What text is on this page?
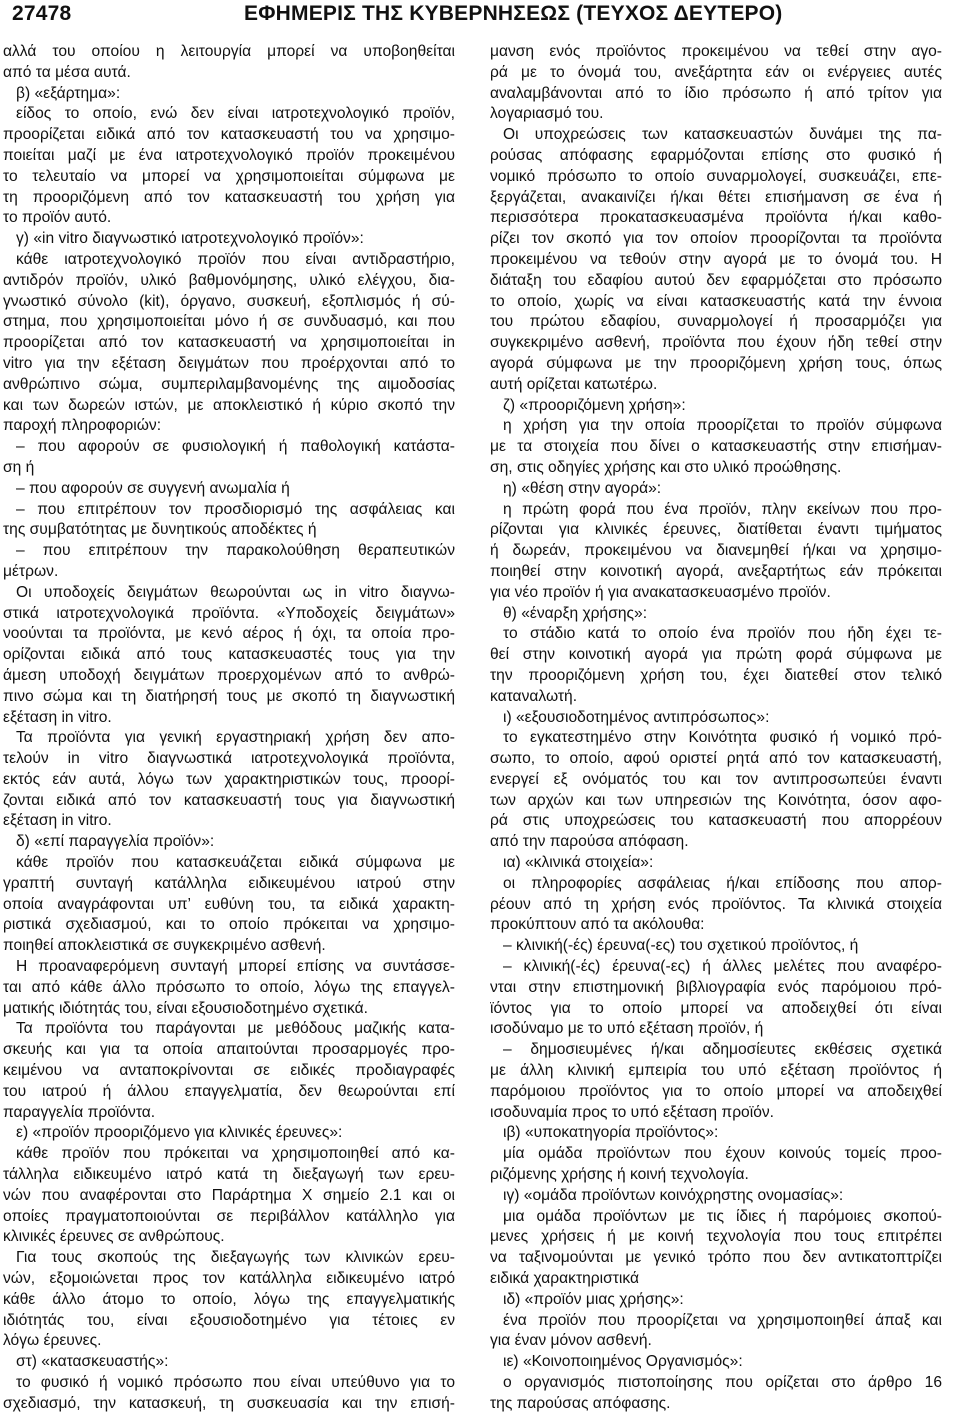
27478	ΕΦΗΜΕΡΙΣ ΤΗΣ ΚΥΒΕΡΝΗΣΕΩΣ (ΤΕΥΧΟΣ ΔΕΥΤΕΡΟ)
αλλά του οποίου η λειτουργία μπορεί να υποβοηθείται
από τα μέσα αυτά.
β) «εξάρτημα»:
είδος το οποίο, ενώ δεν είναι ιατροτεχνολογικό προϊόν,
προορίζεται ειδικά από τον κατασκευαστή του να χρησιμο-
ποιείται μαζί με ένα ιατροτεχνολογικό προϊόν προκειμένου
το τελευταίο να μπορεί να χρησιμοποιείται σύμφωνα με
τη προοριζόμενη από τον κατασκευαστή του χρήση για
το προϊόν αυτό.
γ) «in vitro διαγνωστικό ιατροτεχνολογικό προϊόν»:
κάθε ιατροτεχνολογικό προϊόν που είναι αντιδραστήριο,
αντιδρόν προϊόν, υλικό βαθμονόμησης, υλικό ελέγχου, δια-
γνωστικό σύνολο (kit), όργανο, συσκευή, εξοπλισμός ή σύ-
στημα, που χρησιμοποιείται μόνο ή σε συνδυασμό, και που
προορίζεται από τον κατασκευαστή να χρησιμοποιείται in
vitro για την εξέταση δειγμάτων που προέρχονται από το
ανθρώπινο σώμα, συμπεριλαμβανομένης της αιμοδοσίας
και των δωρεών ιστών, με αποκλειστικό ή κύριο σκοπό την
παροχή πληροφοριών:
– που αφορούν σε φυσιολογική ή παθολογική κατάστα-
ση ή
– που αφορούν σε συγγενή ανωμαλία ή
– που επιτρέπουν τον προσδιορισμό της ασφάλειας και
της συμβατότητας με δυνητικούς αποδέκτες ή
– που επιτρέπουν την παρακολούθηση θεραπευτικών
μέτρων.
Οι υποδοχείς δειγμάτων θεωρούνται ως in vitro διαγνω-
στικά ιατροτεχνολογικά προϊόντα. «Υποδοχείς δειγμάτων»
νοούνται τα προϊόντα, με κενό αέρος ή όχι, τα οποία προ-
ορίζονται ειδικά από τους κατασκευαστές τους για την
άμεση υποδοχή δειγμάτων προερχομένων από το ανθρώ-
πινο σώμα και τη διατήρησή τους με σκοπό τη διαγνωστική
εξέταση in vitro.
Τα προϊόντα για γενική εργαστηριακή χρήση δεν απο-
τελούν in vitro διαγνωστικά ιατροτεχνολογικά προϊόντα,
εκτός εάν αυτά, λόγω των χαρακτηριστικών τους, προορί-
ζονται ειδικά από τον κατασκευαστή τους για διαγνωστική
εξέταση in vitro.
δ) «επί παραγγελία προϊόν»:
κάθε προϊόν που κατασκευάζεται ειδικά σύμφωνα με
γραπτή συνταγή κατάλληλα ειδικευμένου ιατρού στην
οποία αναγράφονται υπ’ ευθύνη του, τα ειδικά χαρακτη-
ριστικά σχεδιασμού, και το οποίο πρόκειται να χρησιμο-
ποιηθεί αποκλειστικά σε συγκεκριμένο ασθενή.
Η προαναφερόμενη συνταγή μπορεί επίσης να συντάσσε-
ται από κάθε άλλο πρόσωπο το οποίο, λόγω της επαγγελ-
ματικής ιδιότητάς του, είναι εξουσιοδοτημένο σχετικά.
Τα προϊόντα του παράγονται με μεθόδους μαζικής κατα-
σκευής και για τα οποία απαιτούνται προσαρμογές προ-
κειμένου να ανταποκρίνονται σε ειδικές προδιαγραφές
του ιατρού ή άλλου επαγγελματία, δεν θεωρούνται επί
παραγγελία προϊόντα.
ε) «προϊόν προοριζόμενο για κλινικές έρευνες»:
κάθε προϊόν που πρόκειται να χρησιμοποιηθεί από κα-
τάλληλα ειδικευμένο ιατρό κατά τη διεξαγωγή των ερευ-
νών που αναφέρονται στο Παράρτημα Χ σημείο 2.1 και οι
οποίες πραγματοποιούνται σε περιβάλλον κατάλληλο για
κλινικές έρευνες σε ανθρώπους.
Για τους σκοπούς της διεξαγωγής των κλινικών ερευ-
νών, εξομοιώνεται προς τον κατάλληλα ειδικευμένο ιατρό
κάθε άλλο άτομο το οποίο, λόγω της επαγγελματικής
ιδιότητάς του, είναι εξουσιοδοτημένο για τέτοιες εν
λόγω έρευνες.
στ) «κατασκευαστής»:
το φυσικό ή νομικό πρόσωπο που είναι υπεύθυνο για το
σχεδιασμό, την κατασκευή, τη συσκευασία και την επισή-
μανση ενός προϊόντος προκειμένου να τεθεί στην αγο-
ρά με το όνομά του, ανεξάρτητα εάν οι ενέργειες αυτές
αναλαμβάνονται από το ίδιο πρόσωπο ή από τρίτον για
λογαριασμό του.
Οι υποχρεώσεις των κατασκευαστών δυνάμει της πα-
ρούσας απόφασης εφαρμόζονται επίσης στο φυσικό ή
νομικό πρόσωπο το οποίο συναρμολογεί, συσκευάζει, επε-
ξεργάζεται, ανακαινίζει ή/και θέτει επισήμανση σε ένα ή
περισσότερα προκατασκευασμένα προϊόντα ή/και καθο-
ρίζει τον σκοπό για τον οποίον προορίζονται τα προϊόντα
προκειμένου να τεθούν στην αγορά με το όνομά του. Η
διάταξη του εδαφίου αυτού δεν εφαρμόζεται στο πρόσωπο
το οποίο, χωρίς να είναι κατασκευαστής κατά την έννοια
του πρώτου εδαφίου, συναρμολογεί ή προσαρμόζει για
συγκεκριμένο ασθενή, προϊόντα που έχουν ήδη τεθεί στην
αγορά σύμφωνα με την προοριζόμενη χρήση τους, όπως
αυτή ορίζεται κατωτέρω.
ζ) «προοριζόμενη χρήση»:
η χρήση για την οποία προορίζεται το προϊόν σύμφωνα
με τα στοιχεία που δίνει ο κατασκευαστής στην επισήμαν-
ση, στις οδηγίες χρήσης και στο υλικό προώθησης.
η) «θέση στην αγορά»:
η πρώτη φορά που ένα προϊόν, πλην εκείνων που προ-
ρίζονται για κλινικές έρευνες, διατίθεται έναντι τιμήματος
ή δωρεάν, προκειμένου να διανεμηθεί ή/και να χρησιμο-
ποιηθεί στην κοινοτική αγορά, ανεξαρτήτως εάν πρόκειται
για νέο προϊόν ή για ανακατασκευασμένο προϊόν.
θ) «έναρξη χρήσης»:
το στάδιο κατά το οποίο ένα προϊόν που ήδη έχει τε-
θεί στην κοινοτική αγορά για πρώτη φορά σύμφωνα με
την προοριζόμενη χρήση του, έχει διατεθεί στον τελικό
καταναλωτή.
ι) «εξουσιοδοτημένος αντιπρόσωπος»:
το εγκατεστημένο στην Κοινότητα φυσικό ή νομικό πρό-
σωπο, το οποίο, αφού οριστεί ρητά από τον κατασκευαστή,
ενεργεί εξ ονόματός του και τον αντιπροσωπεύει έναντι
των αρχών και των υπηρεσιών της Κοινότητα, όσον αφο-
ρά στις υποχρεώσεις του κατασκευαστή που απορρέουν
από την παρούσα απόφαση.
ια) «κλινικά στοιχεία»:
οι πληροφορίες ασφάλειας ή/και επίδοσης που απορ-
ρέουν από τη χρήση ενός προϊόντος. Τα κλινικά στοιχεία
προκύπτουν από τα ακόλουθα:
– κλινική(-ές) έρευνα(-ες) του σχετικού προϊόντος, ή
– κλινική(-ές) έρευνα(-ες) ή άλλες μελέτες που αναφέρο-
νται στην επιστημονική βιβλιογραφία ενός παρόμοιου πρό-
ϊόντος για το οποίο μπορεί να αποδειχθεί ότι είναι
ισοδύναμο με το υπό εξέταση προϊόν, ή
– δημοσιευμένες ή/και αδημοσίευτες εκθέσεις σχετικά
με άλλη κλινική εμπειρία του υπό εξέταση προϊόντος ή
παρόμοιου προϊόντος για το οποίο μπορεί να αποδειχθεί
ισοδυναμία προς το υπό εξέταση προϊόν.
ιβ) «υποκατηγορία προϊόντος»:
μία ομάδα προϊόντων που έχουν κοινούς τομείς προο-
ριζόμενης χρήσης ή κοινή τεχνολογία.
ιγ) «ομάδα προϊόντων κοινόχρηστης ονομασίας»:
μια ομάδα προϊόντων με τις ίδιες ή παρόμοιες σκοπού-
μενες χρήσεις ή με κοινή τεχνολογία που τους επιτρέπει
να ταξινομούνται με γενικό τρόπο που δεν αντικατοπτρίζει
ειδικά χαρακτηριστικά
ιδ) «προϊόν μιας χρήσης»:
ένα προϊόν που προορίζεται να χρησιμοποιηθεί άπαξ και
για έναν μόνον ασθενή.
ιε) «Κοινοποιημένος Οργανισμός»:
ο οργανισμός πιστοποίησης που ορίζεται στο άρθρο 16
της παρούσας απόφασης.
